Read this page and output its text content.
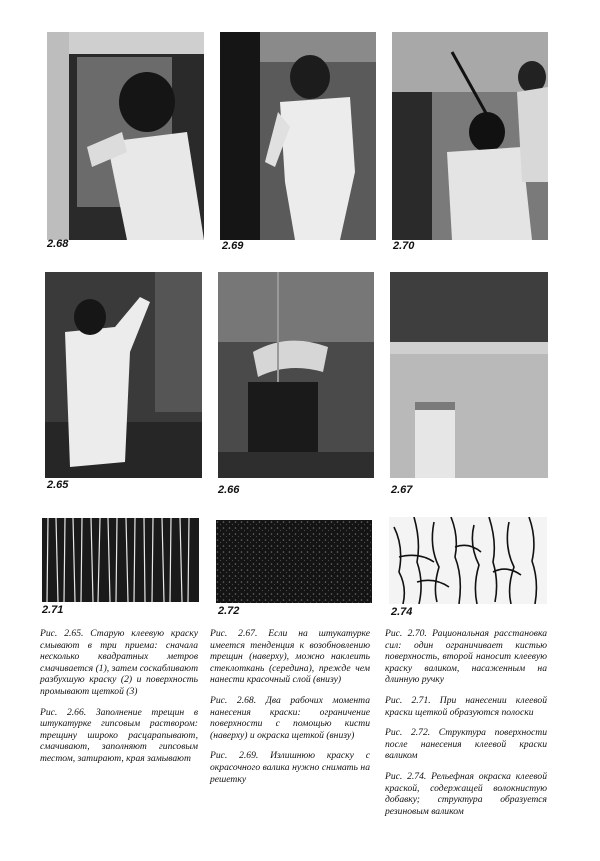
2.68	2.69	2.70
2.65	2.66	2.67
2.71	2.72	2.74

Рис. 2.65. Старую клеевую краску смывают в три приема: сначала несколько квадратных метров смачивается (1), затем соскабливают разбухшую краску (2) и поверхность промывают щеткой (3)

Рис. 2.66. Заполнение трещин в штукатурке гипсовым раствором: трещину широко расцарапывают, смачивают, заполняют гипсовым тестом, затирают, края замывают

Рис. 2.67. Если на штукатурке имеется тенденция к возобновлению трещин (наверху), можно наклеить стеклоткань (середина), прежде чем нанести красочный слой (внизу)

Рис. 2.68. Два рабочих момента нанесения краски: ограничение поверхности с помощью кисти (наверху) и окраска щеткой (внизу)

Рис. 2.69. Излишнюю краску с окрасочного валика нужно снимать на решетку

Рис. 2.70. Рациональная расстановка сил: один ограничивает кистью поверхность, второй наносит клеевую краску валиком, насаженным на длинную ручку

Рис. 2.71. При нанесении клеевой краски щеткой образуются полоски

Рис. 2.72. Структура поверхности после нанесения клеевой краски валиком

Рис. 2.74. Рельефная окраска клеевой краской, содержащей волокнистую добавку; структура образуется резиновым валиком
